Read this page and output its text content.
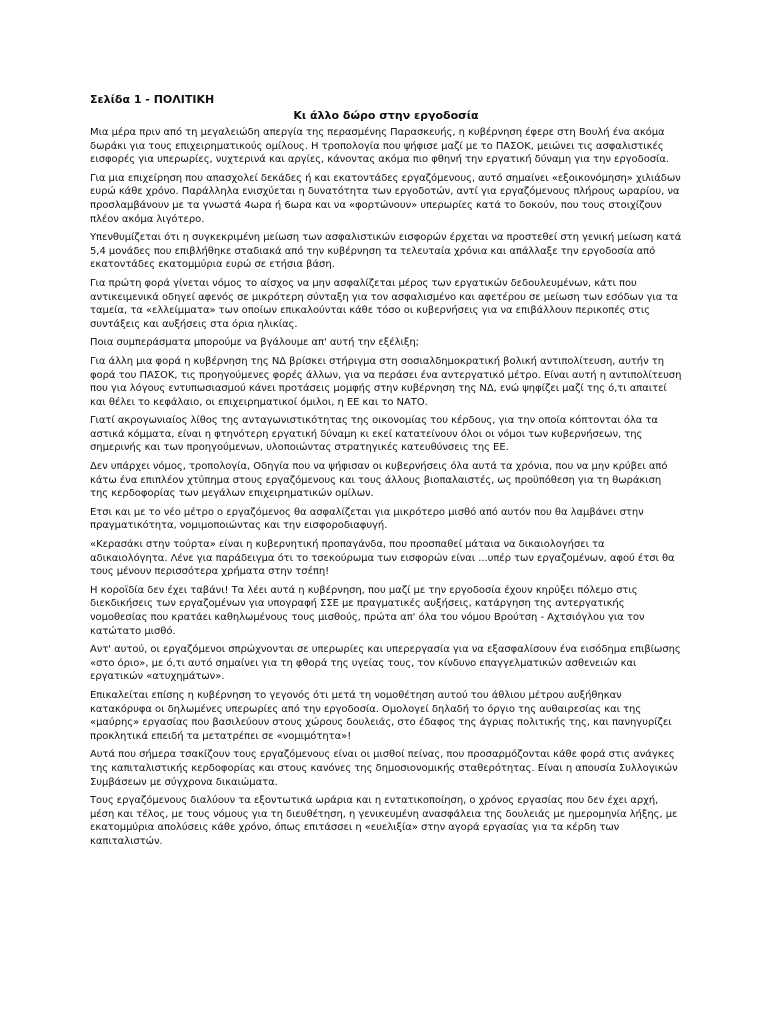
Σελίδα 1 - ΠΟΛΙΤΙΚΗ
Κι άλλο δώρο στην εργοδοσία

Μια μέρα πριν από τη μεγαλειώδη απεργία της περασμένης Παρασκευής, η κυβέρνηση έφερε στη Βουλή ένα ακόμα δωράκι για τους επιχειρηματικούς ομίλους. Η τροπολογία που ψήφισε μαζί με το ΠΑΣΟΚ, μειώνει τις ασφαλιστικές εισφορές για υπερωρίες, νυχτερινά και αργίες, κάνοντας ακόμα πιο φθηνή την εργατική δύναμη για την εργοδοσία.

Για μια επιχείρηση που απασχολεί δεκάδες ή και εκατοντάδες εργαζόμενους, αυτό σημαίνει «εξοικονόμηση» χιλιάδων ευρώ κάθε χρόνο. Παράλληλα ενισχύεται η δυνατότητα των εργοδοτών, αντί για εργαζόμενους πλήρους ωραρίου, να προσλαμβάνουν με τα γνωστά 4ωρα ή 6ωρα και να «φορτώνουν» υπερωρίες κατά το δοκούν, που τους στοιχίζουν πλέον ακόμα λιγότερο.

Υπενθυμίζεται ότι η συγκεκριμένη μείωση των ασφαλιστικών εισφορών έρχεται να προστεθεί στη γενική μείωση κατά 5,4 μονάδες που επιβλήθηκε σταδιακά από την κυβέρνηση τα τελευταία χρόνια και απάλλαξε την εργοδοσία από εκατοντάδες εκατομμύρια ευρώ σε ετήσια βάση.

Για πρώτη φορά γίνεται νόμος το αίσχος να μην ασφαλίζεται μέρος των εργατικών δεδουλευμένων, κάτι που αντικειμενικά οδηγεί αφενός σε μικρότερη σύνταξη για τον ασφαλισμένο και αφετέρου σε μείωση των εσόδων για τα ταμεία, τα «ελλείμματα» των οποίων επικαλούνται κάθε τόσο οι κυβερνήσεις για να επιβάλλουν περικοπές στις συντάξεις και αυξήσεις στα όρια ηλικίας.

Ποια συμπεράσματα μπορούμε να βγάλουμε απ' αυτή την εξέλιξη;

Για άλλη μια φορά η κυβέρνηση της ΝΔ βρίσκει στήριγμα στη σοσιαλδημοκρατική βολική αντιπολίτευση, αυτήν τη φορά του ΠΑΣΟΚ, τις προηγούμενες φορές άλλων, για να περάσει ένα αντεργατικό μέτρο. Είναι αυτή η αντιπολίτευση που για λόγους εντυπωσιασμού κάνει προτάσεις μομφής στην κυβέρνηση της ΝΔ, ενώ ψηφίζει μαζί της ό,τι απαιτεί και θέλει το κεφάλαιο, οι επιχειρηματικοί όμιλοι, η ΕΕ και το ΝΑΤΟ.

Γιατί ακρογωνιαίος λίθος της ανταγωνιστικότητας της οικονομίας του κέρδους, για την οποία κόπτονται όλα τα αστικά κόμματα, είναι η φτηνότερη εργατική δύναμη κι εκεί κατατείνουν όλοι οι νόμοι των κυβερνήσεων, της σημερινής και των προηγούμενων, υλοποιώντας στρατηγικές κατευθύνσεις της ΕΕ.

Δεν υπάρχει νόμος, τροπολογία, Οδηγία που να ψήφισαν οι κυβερνήσεις όλα αυτά τα χρόνια, που να μην κρύβει από κάτω ένα επιπλέον χτύπημα στους εργαζόμενους και τους άλλους βιοπαλαιστές, ως προϋπόθεση για τη θωράκιση της κερδοφορίας των μεγάλων επιχειρηματικών ομίλων.

Ετσι και με το νέο μέτρο ο εργαζόμενος θα ασφαλίζεται για μικρότερο μισθό από αυτόν που θα λαμβάνει στην πραγματικότητα, νομιμοποιώντας και την εισφοροδιαφυγή.

«Κερασάκι στην τούρτα» είναι η κυβερνητική προπαγάνδα, που προσπαθεί μάταια να δικαιολογήσει τα αδικαιολόγητα. Λένε για παράδειγμα ότι το τσεκούρωμα των εισφορών είναι ...υπέρ των εργαζομένων, αφού έτσι θα τους μένουν περισσότερα χρήματα στην τσέπη!

Η κοροϊδία δεν έχει ταβάνι! Τα λέει αυτά η κυβέρνηση, που μαζί με την εργοδοσία έχουν κηρύξει πόλεμο στις διεκδικήσεις των εργαζομένων για υπογραφή ΣΣΕ με πραγματικές αυξήσεις, κατάργηση της αντεργατικής νομοθεσίας που κρατάει καθηλωμένους τους μισθούς, πρώτα απ' όλα του νόμου Βρούτση - Αχτσιόγλου για τον κατώτατο μισθό.

Αντ' αυτού, οι εργαζόμενοι σπρώχνονται σε υπερωρίες και υπερεργασία για να εξασφαλίσουν ένα εισόδημα επιβίωσης «στο όριο», με ό,τι αυτό σημαίνει για τη φθορά της υγείας τους, τον κίνδυνο επαγγελματικών ασθενειών και εργατικών «ατυχημάτων».

Επικαλείται επίσης η κυβέρνηση το γεγονός ότι μετά τη νομοθέτηση αυτού του άθλιου μέτρου αυξήθηκαν κατακόρυφα οι δηλωμένες υπερωρίες από την εργοδοσία. Ομολογεί δηλαδή το όργιο της αυθαιρεσίας και της «μαύρης» εργασίας που βασιλεύουν στους χώρους δουλειάς, στο έδαφος της άγριας πολιτικής της, και πανηγυρίζει προκλητικά επειδή τα μετατρέπει σε «νομιμότητα»!

Αυτά που σήμερα τσακίζουν τους εργαζόμενους είναι οι μισθοί πείνας, που προσαρμόζονται κάθε φορά στις ανάγκες της καπιταλιστικής κερδοφορίας και στους κανόνες της δημοσιονομικής σταθερότητας. Είναι η απουσία Συλλογικών Συμβάσεων με σύγχρονα δικαιώματα.

Τους εργαζόμενους διαλύουν τα εξοντωτικά ωράρια και η εντατικοποίηση, ο χρόνος εργασίας που δεν έχει αρχή, μέση και τέλος, με τους νόμους για τη διευθέτηση, η γενικευμένη ανασφάλεια της δουλειάς με ημερομηνία λήξης, με εκατομμύρια απολύσεις κάθε χρόνο, όπως επιτάσσει η «ευελιξία» στην αγορά εργασίας για τα κέρδη των καπιταλιστών.
